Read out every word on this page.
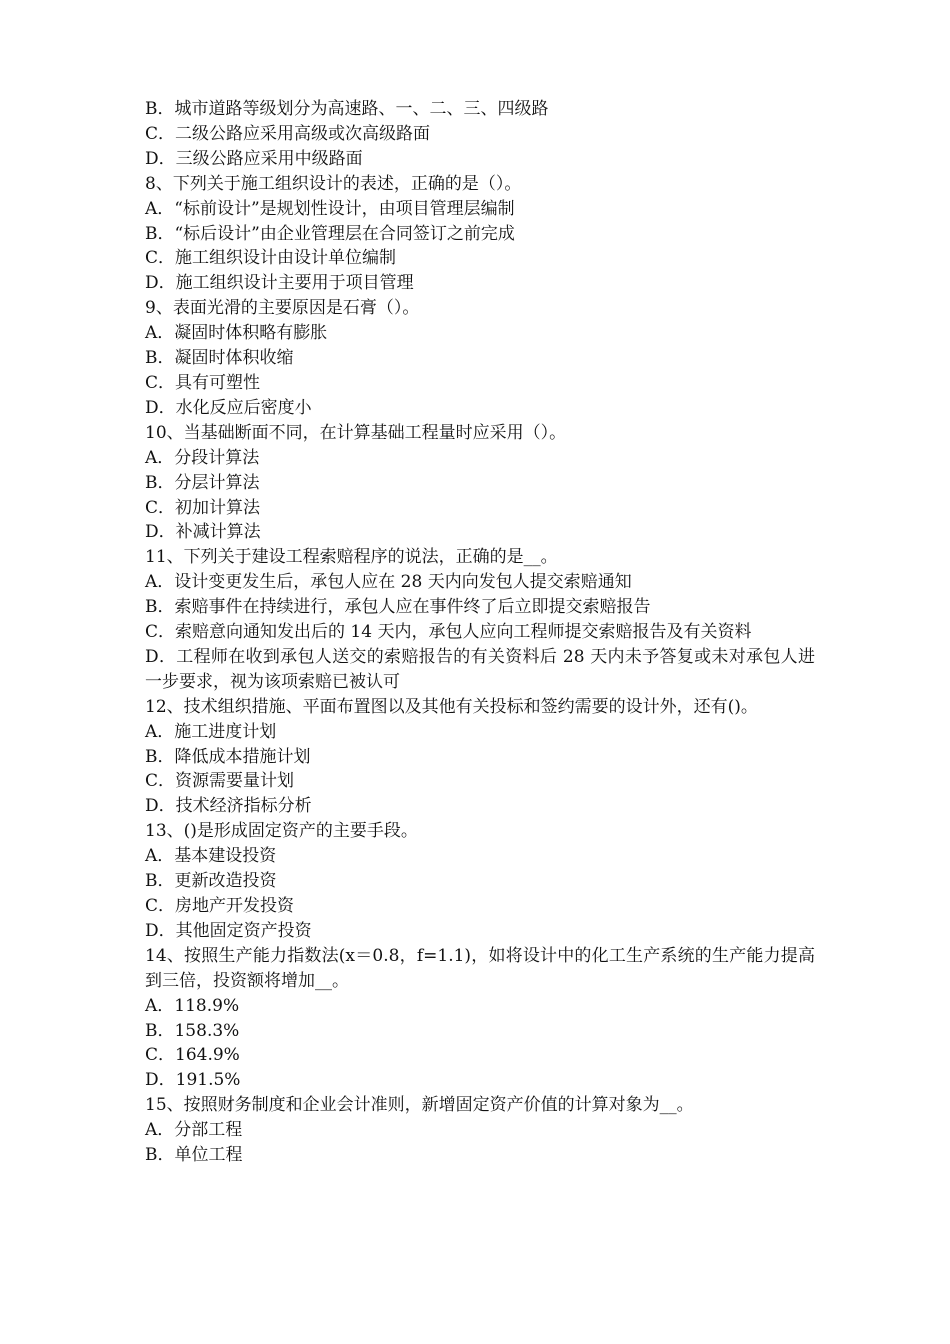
B．城市道路等级划分为高速路、一、二、三、四级路
C．二级公路应采用高级或次高级路面
D．三级公路应采用中级路面
8、下列关于施工组织设计的表述，正确的是（）。
A．“标前设计”是规划性设计，由项目管理层编制
B．“标后设计”由企业管理层在合同签订之前完成
C．施工组织设计由设计单位编制
D．施工组织设计主要用于项目管理
9、表面光滑的主要原因是石膏（）。
A．凝固时体积略有膨胀
B．凝固时体积收缩
C．具有可塑性
D．水化反应后密度小
10、当基础断面不同，在计算基础工程量时应采用（）。
A．分段计算法
B．分层计算法
C．初加计算法
D．补减计算法
11、下列关于建设工程索赔程序的说法，正确的是__。
A．设计变更发生后，承包人应在 28 天内向发包人提交索赔通知
B．索赔事件在持续进行，承包人应在事件终了后立即提交索赔报告
C．索赔意向通知发出后的 14 天内，承包人应向工程师提交索赔报告及有关资料
D．工程师在收到承包人送交的索赔报告的有关资料后 28 天内未予答复或未对承包人进一步要求，视为该项索赔已被认可
12、技术组织措施、平面布置图以及其他有关投标和签约需要的设计外，还有()。
A．施工进度计划
B．降低成本措施计划
C．资源需要量计划
D．技术经济指标分析
13、()是形成固定资产的主要手段。
A．基本建设投资
B．更新改造投资
C．房地产开发投资
D．其他固定资产投资
14、按照生产能力指数法(x＝0.8，f=1.1)，如将设计中的化工生产系统的生产能力提高到三倍，投资额将增加__。
A．118.9%
B．158.3%
C．164.9%
D．191.5%
15、按照财务制度和企业会计准则，新增固定资产价值的计算对象为__。
A．分部工程
B．单位工程
